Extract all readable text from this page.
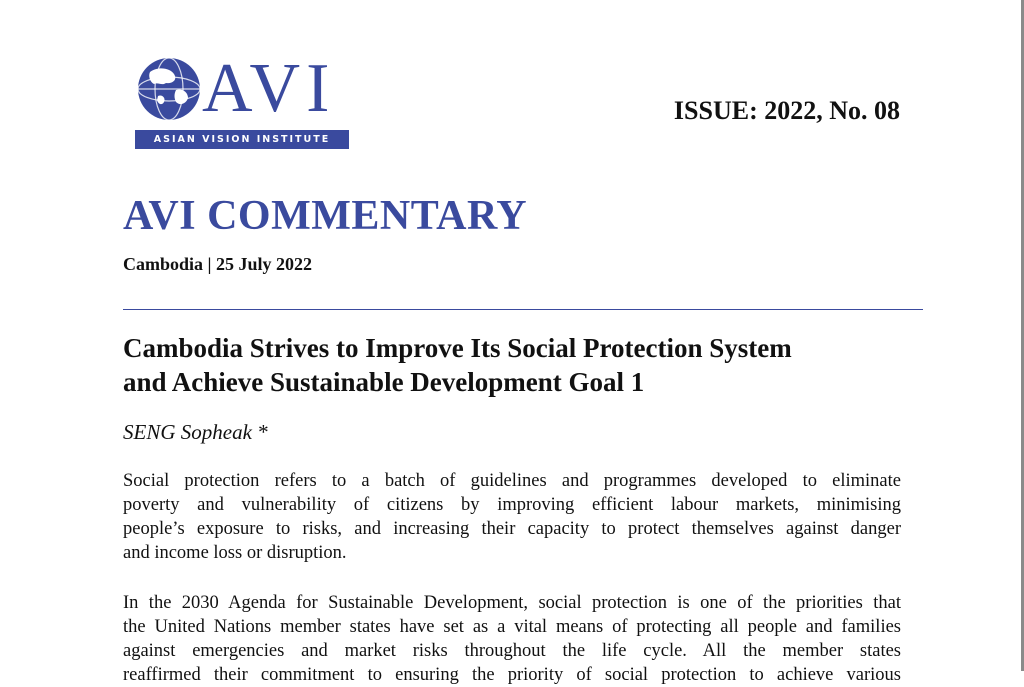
AVI
ASIAN VISION INSTITUTE
ISSUE: 2022, No. 08
AVI COMMENTARY
Cambodia | 25 July 2022
Cambodia Strives to Improve Its Social Protection System
and Achieve Sustainable Development Goal 1
SENG Sopheak *
Social protection refers to a batch of guidelines and programmes developed to eliminate
poverty and vulnerability of citizens by improving efficient labour markets, minimising
people’s exposure to risks, and increasing their capacity to protect themselves against danger
and income loss or disruption.
In the 2030 Agenda for Sustainable Development, social protection is one of the priorities that
the United Nations member states have set as a vital means of protecting all people and families
against emergencies and market risks throughout the life cycle. All the member states
reaffirmed their commitment to ensuring the priority of social protection to achieve various
